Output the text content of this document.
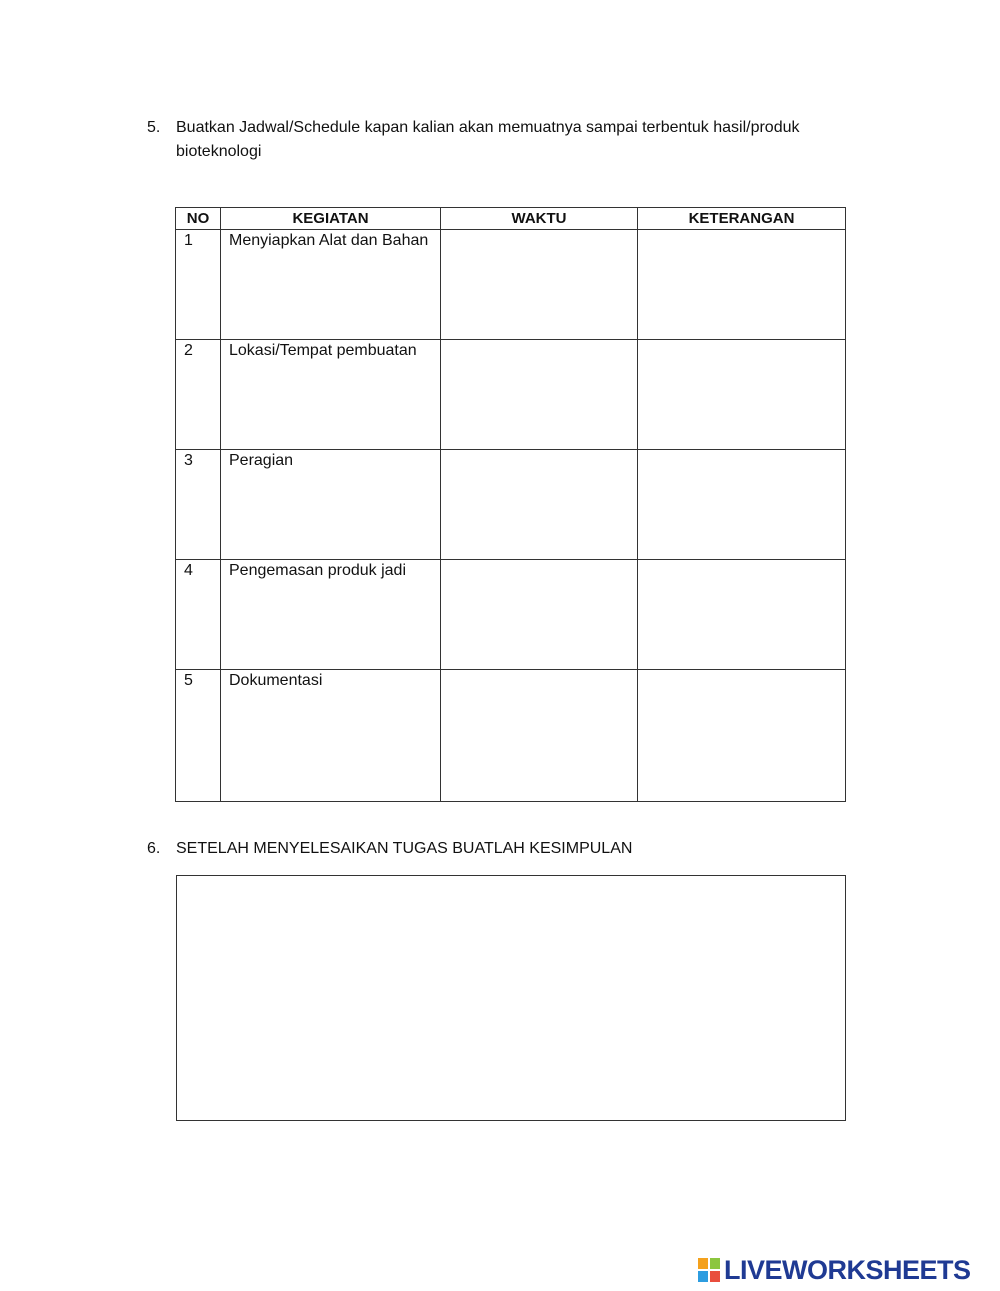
5. Buatkan Jadwal/Schedule kapan kalian akan memuatnya sampai terbentuk hasil/produk bioteknologi
NO	KEGIATAN	WAKTU	KETERANGAN

1	Menyiapkan Alat dan Bahan		

2	Lokasi/Tempat pembuatan		

3	Peragian		

4	Pengemasan produk jadi		

5	Dokumentasi		

6. SETELAH MENYELESAIKAN TUGAS BUATLAH KESIMPULAN
LIVEWORKSHEETS
